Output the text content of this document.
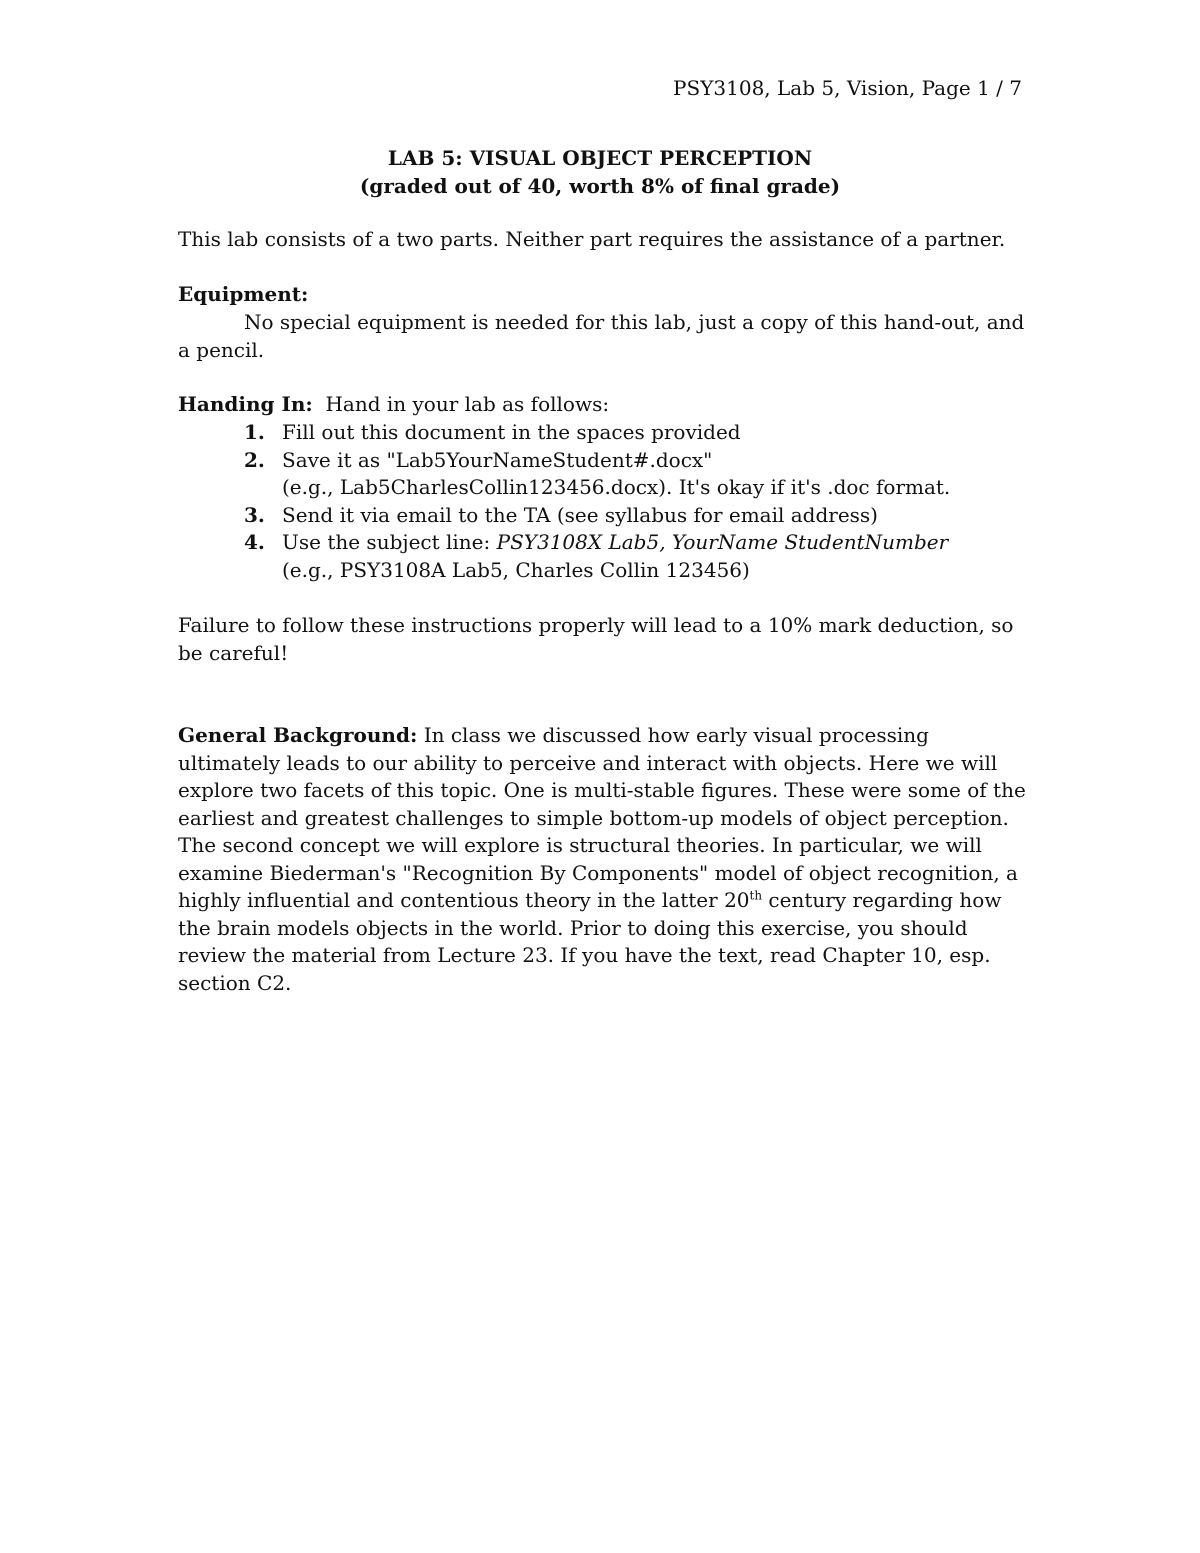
PSY3108, Lab 5, Vision, Page 1 / 7
LAB 5: VISUAL OBJECT PERCEPTION
(graded out of 40, worth 8% of final grade)
This lab consists of a two parts. Neither part requires the assistance of a partner.
Equipment:
No special equipment is needed for this lab, just a copy of this hand-out, and a pencil.
Handing In: Hand in your lab as follows:
1. Fill out this document in the spaces provided
2. Save it as "Lab5YourNameStudent#.docx"
(e.g., Lab5CharlesCollin123456.docx). It's okay if it's .doc format.
3. Send it via email to the TA (see syllabus for email address)
4. Use the subject line: PSY3108X Lab5, YourName StudentNumber
(e.g., PSY3108A Lab5, Charles Collin 123456)
Failure to follow these instructions properly will lead to a 10% mark deduction, so be careful!
General Background: In class we discussed how early visual processing ultimately leads to our ability to perceive and interact with objects. Here we will explore two facets of this topic. One is multi-stable figures. These were some of the earliest and greatest challenges to simple bottom-up models of object perception. The second concept we will explore is structural theories. In particular, we will examine Biederman's "Recognition By Components" model of object recognition, a highly influential and contentious theory in the latter 20th century regarding how the brain models objects in the world. Prior to doing this exercise, you should review the material from Lecture 23. If you have the text, read Chapter 10, esp. section C2.
